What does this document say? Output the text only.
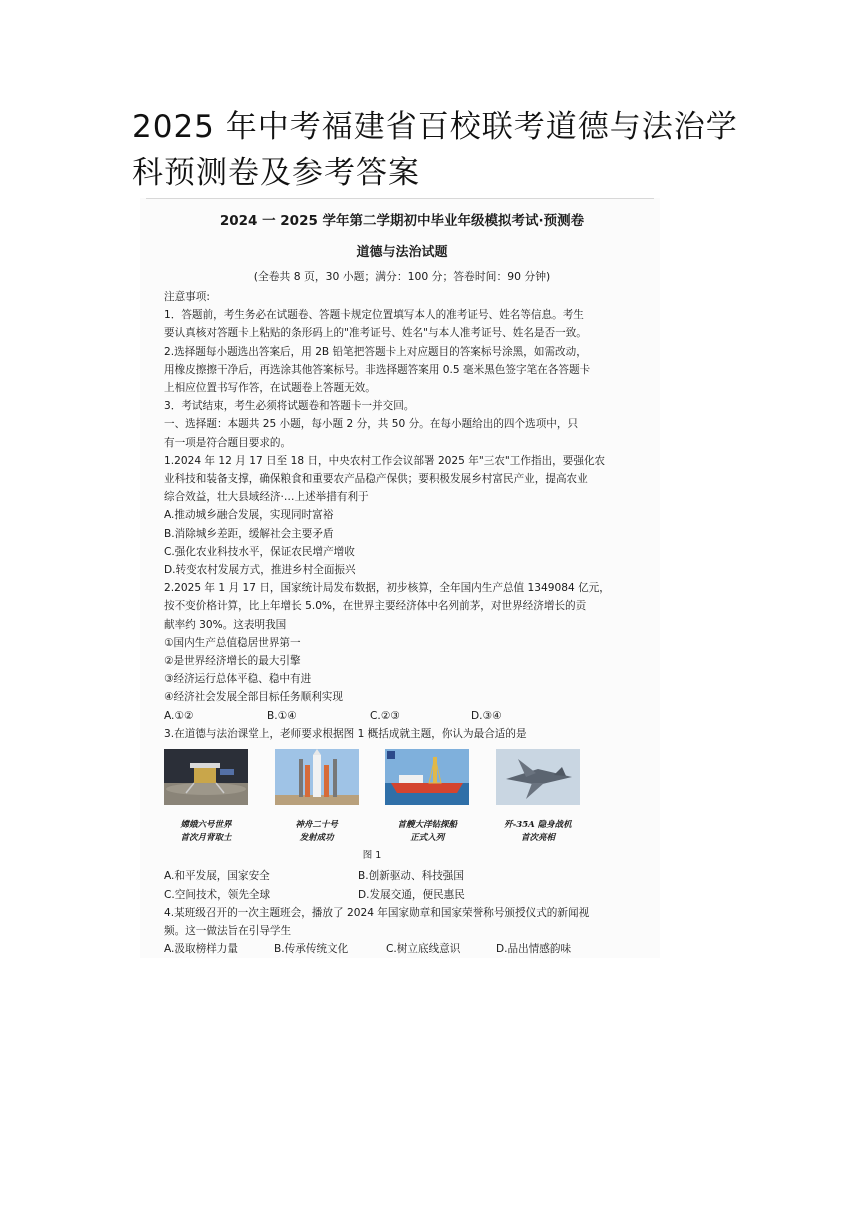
2025 年中考福建省百校联考道德与法治学科预测卷及参考答案
2024 一 2025 学年第二学期初中毕业年级模拟考试·预测卷
道德与法治试题
(全卷共 8 页，30 小题；满分：100 分；答卷时间：90 分钟)
注意事项:
1．答题前，考生务必在试题卷、答题卡规定位置填写本人的准考证号、姓名等信息。考生
要认真核对答题卡上粘贴的条形码上的"准考证号、姓名"与本人准考证号、姓名是否一致。
2.选择题每小题选出答案后，用 2B 铅笔把答题卡上对应题目的答案标号涂黑，如需改动，
用橡皮擦擦干净后，再选涂其他答案标号。非选择题答案用 0.5 毫米黑色签字笔在各答题卡
上相应位置书写作答，在试题卷上答题无效。
3．考试结束，考生必须将试题卷和答题卡一并交回。
一、选择题：本题共 25 小题，每小题 2 分，共 50 分。在每小题给出的四个选项中，只
有一项是符合题目要求的。
1.2024 年 12 月 17 日至 18 日，中央农村工作会议部署 2025 年"三农"工作指出，要强化农
业科技和装备支撑，确保粮食和重要农产品稳产保供；要积极发展乡村富民产业，提高农业
综合效益，壮大县域经济·…上述举措有利于
A.推动城乡融合发展，实现同时富裕
B.消除城乡差距，缓解社会主要矛盾
C.强化农业科技水平，保证农民增产增收
D.转变农村发展方式，推进乡村全面振兴
2.2025 年 1 月 17 日，国家统计局发布数据，初步核算，全年国内生产总值 1349084 亿元，
按不变价格计算，比上年增长 5.0%，在世界主要经济体中名列前茅，对世界经济增长的贡
献率约 30%。这表明我国
①国内生产总值稳居世界第一
②是世界经济增长的最大引擎
③经济运行总体平稳、稳中有进
④经济社会发展全部目标任务顺利实现
A.①②	B.①④	C.②③	D.③④
3.在道德与法治课堂上，老师要求根据图 1 概括成就主题，你认为最合适的是
嫦娥六号世界
首次月背取土
神舟二十号
发射成功
首艘大洋钻探船
正式入列
歼-35A 隐身战机
首次亮相
图 1
A.和平发展，国家安全	B.创新驱动、科技强国
C.空间技术，领先全球	D.发展交通，便民惠民
4.某班级召开的一次主题班会，播放了 2024 年国家勋章和国家荣誉称号颁授仪式的新闻视
频。这一做法旨在引导学生
A.汲取榜样力量	B.传承传统文化	C.树立底线意识	D.品出情感韵味
